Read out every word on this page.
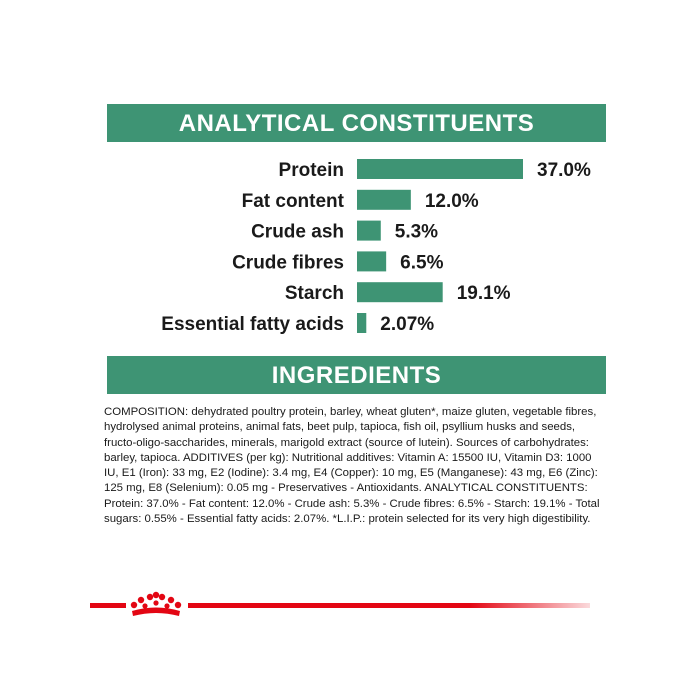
ANALYTICAL CONSTITUENTS
Protein	37.0%
Fat content	12.0%
Crude ash	5.3%
Crude fibres	6.5%
Starch	19.1%
Essential fatty acids 2.07%
INGREDIENTS

COMPOSITION: dehydrated poultry protein, barley, wheat gluten*, maize gluten, vegetable fibres, hydrolysed animal proteins, animal fats, beet pulp, tapioca, fish oil, psyllium husks and seeds, fructo-oligo-saccharides, minerals, marigold extract (source of lutein). Sources of carbohydrates: barley, tapioca. ADDITIVES (per kg): Nutritional additives: Vitamin A: 15500 IU, Vitamin D3: 1000 IU, E1 (Iron): 33 mg, E2 (Iodine): 3.4 mg, E4 (Copper): 10 mg, E5 (Manganese): 43 mg, E6 (Zinc): 125 mg, E8 (Selenium): 0.05 mg - Preservatives - Antioxidants. ANALYTICAL CONSTITUENTS: Protein: 37.0% - Fat content: 12.0% - Crude ash: 5.3% - Crude fibres: 6.5% - Starch: 19.1% - Total sugars: 0.55% - Essential fatty acids: 2.07%. *L.I.P.: protein selected for its very high digestibility.
